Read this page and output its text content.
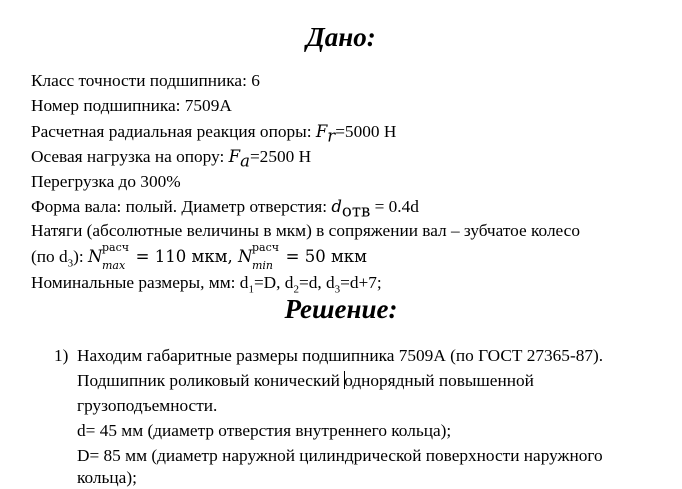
Дано:
Класс точности подшипника: 6
Номер подшипника: 7509А
Расчетная радиальная реакция опоры: $F_r=5000$ Н
Осевая нагрузка на опору: $F_a=2500$ Н
Перегрузка до 300%
Форма вала: полый. Диаметр отверстия: $d_{отв} = 0.4d$
Натяги (абсолютные величины в мкм) в сопряжении вал – зубчатое колесо
(по $d_3$): N расч
max = 110 мкм, N расч
min = 50 мкм
Номинальные размеры, мм: $d_1=D$, $d_2=d$, $d_3=d+7$;
Решение:
1) Находим габаритные размеры подшипника 7509А (по ГОСТ 27365-87).
Подшипник роликовый конический однорядный повышенной
грузоподъемности.
d= 45 мм (диаметр отверстия внутреннего кольца);
D= 85 мм (диаметр наружной цилиндрической поверхности наружного
кольца);
